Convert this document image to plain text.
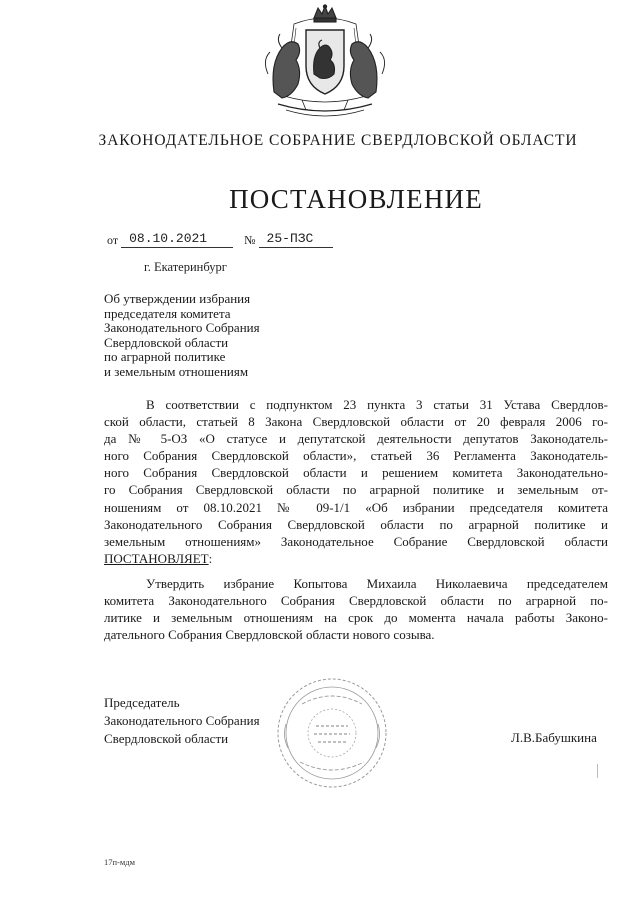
ЗАКОНОДАТЕЛЬНОЕ СОБРАНИЕ СВЕРДЛОВСКОЙ ОБЛАСТИ
ПОСТАНОВЛЕНИЕ
от 08.10.2021	№ 25-ПЗС
г. Екатеринбург
Об утверждении избрания
председателя комитета
Законодательного Собрания
Свердловской области
по аграрной политике
и земельным отношениям
В соответствии с подпунктом 23 пункта 3 статьи 31 Устава Свердлов-
ской области, статьей 8 Закона Свердловской области от 20 февраля 2006 го-
да № 5-ОЗ «О статусе и депутатской деятельности депутатов Законодатель-
ного Собрания Свердловской области», статьей 36 Регламента Законодатель-
ного Собрания Свердловской области и решением комитета Законодательно-
го Собрания Свердловской области по аграрной политике и земельным от-
ношениям от 08.10.2021 № 09-1/1 «Об избрании председателя комитета
Законодательного Собрания Свердловской области по аграрной политике и
земельным отношениям» Законодательное Собрание Свердловской области
ПОСТАНОВЛЯЕТ:
Утвердить избрание Копытова Михаила Николаевича председателем
комитета Законодательного Собрания Свердловской области по аграрной по-
литике и земельным отношениям на срок до момента начала работы Законо-
дательного Собрания Свердловской области нового созыва.
Председатель
Законодательного Собрания
Свердловской области	Л.В.Бабушкина
17п-мдм
